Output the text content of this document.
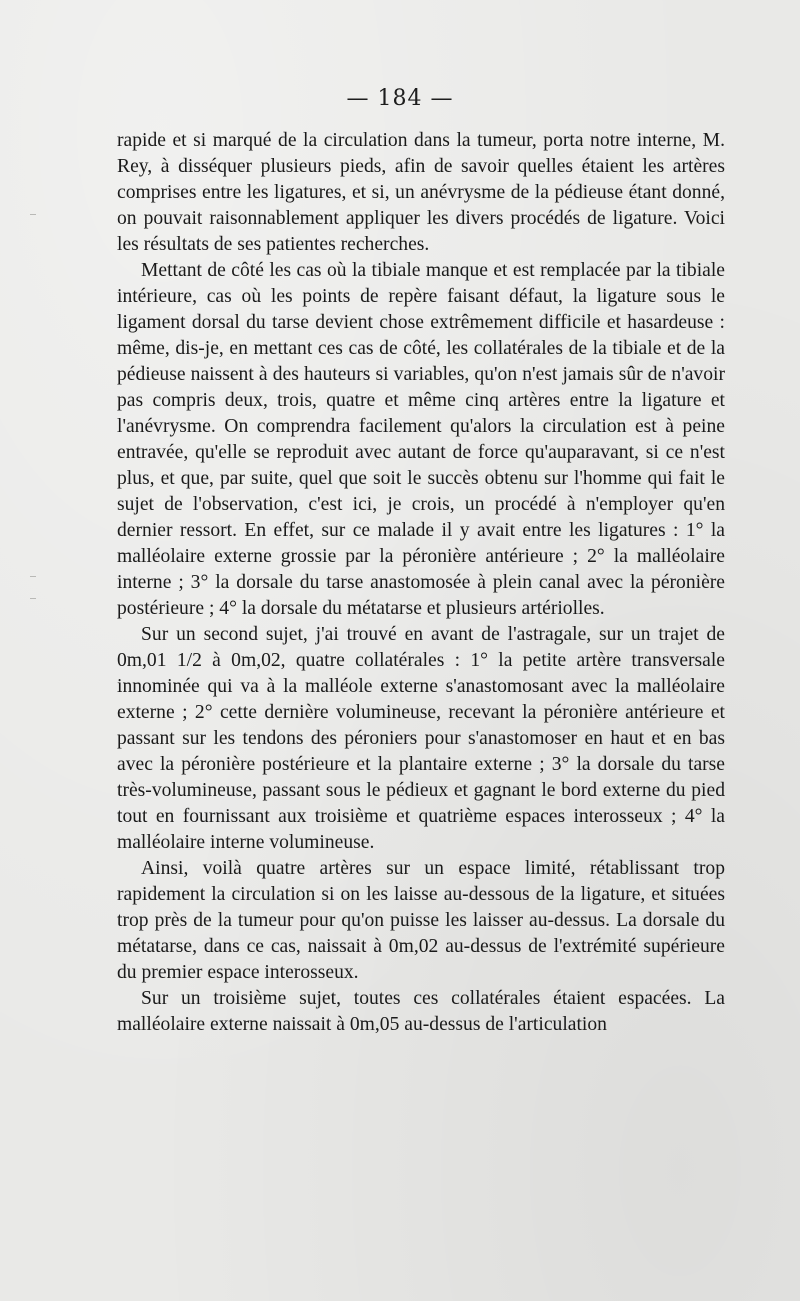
— 184 —

rapide et si marqué de la circulation dans la tumeur, porta notre interne, M. Rey, à disséquer plusieurs pieds, afin de savoir quelles étaient les artères comprises entre les ligatures, et si, un anévrysme de la pédieuse étant donné, on pouvait raisonnablement appliquer les divers procédés de ligature. Voici les résultats de ses patientes recherches.

Mettant de côté les cas où la tibiale manque et est remplacée par la tibiale intérieure, cas où les points de repère faisant défaut, la ligature sous le ligament dorsal du tarse devient chose extrêmement difficile et hasardeuse : même, dis-je, en mettant ces cas de côté, les collatérales de la tibiale et de la pédieuse naissent à des hauteurs si variables, qu'on n'est jamais sûr de n'avoir pas compris deux, trois, quatre et même cinq artères entre la ligature et l'anévrysme. On comprendra facilement qu'alors la circulation est à peine entravée, qu'elle se reproduit avec autant de force qu'auparavant, si ce n'est plus, et que, par suite, quel que soit le succès obtenu sur l'homme qui fait le sujet de l'observation, c'est ici, je crois, un procédé à n'employer qu'en dernier ressort. En effet, sur ce malade il y avait entre les ligatures : 1° la malléolaire externe grossie par la péronière antérieure ; 2° la malléolaire interne ; 3° la dorsale du tarse anastomosée à plein canal avec la péronière postérieure ; 4° la dorsale du métatarse et plusieurs artériolles.

Sur un second sujet, j'ai trouvé en avant de l'astragale, sur un trajet de 0m,01 1/2 à 0m,02, quatre collatérales : 1° la petite artère transversale innominée qui va à la malléole externe s'anastomosant avec la malléolaire externe ; 2° cette dernière volumineuse, recevant la péronière antérieure et passant sur les tendons des péroniers pour s'anastomoser en haut et en bas avec la péronière postérieure et la plantaire externe ; 3° la dorsale du tarse très-volumineuse, passant sous le pédieux et gagnant le bord externe du pied tout en fournissant aux troisième et quatrième espaces interosseux ; 4° la malléolaire interne volumineuse.

Ainsi, voilà quatre artères sur un espace limité, rétablissant trop rapidement la circulation si on les laisse au-dessous de la ligature, et situées trop près de la tumeur pour qu'on puisse les laisser au-dessus. La dorsale du métatarse, dans ce cas, naissait à 0m,02 au-dessus de l'extrémité supérieure du premier espace interosseux.

Sur un troisième sujet, toutes ces collatérales étaient espacées. La malléolaire externe naissait à 0m,05 au-dessus de l'articulation
